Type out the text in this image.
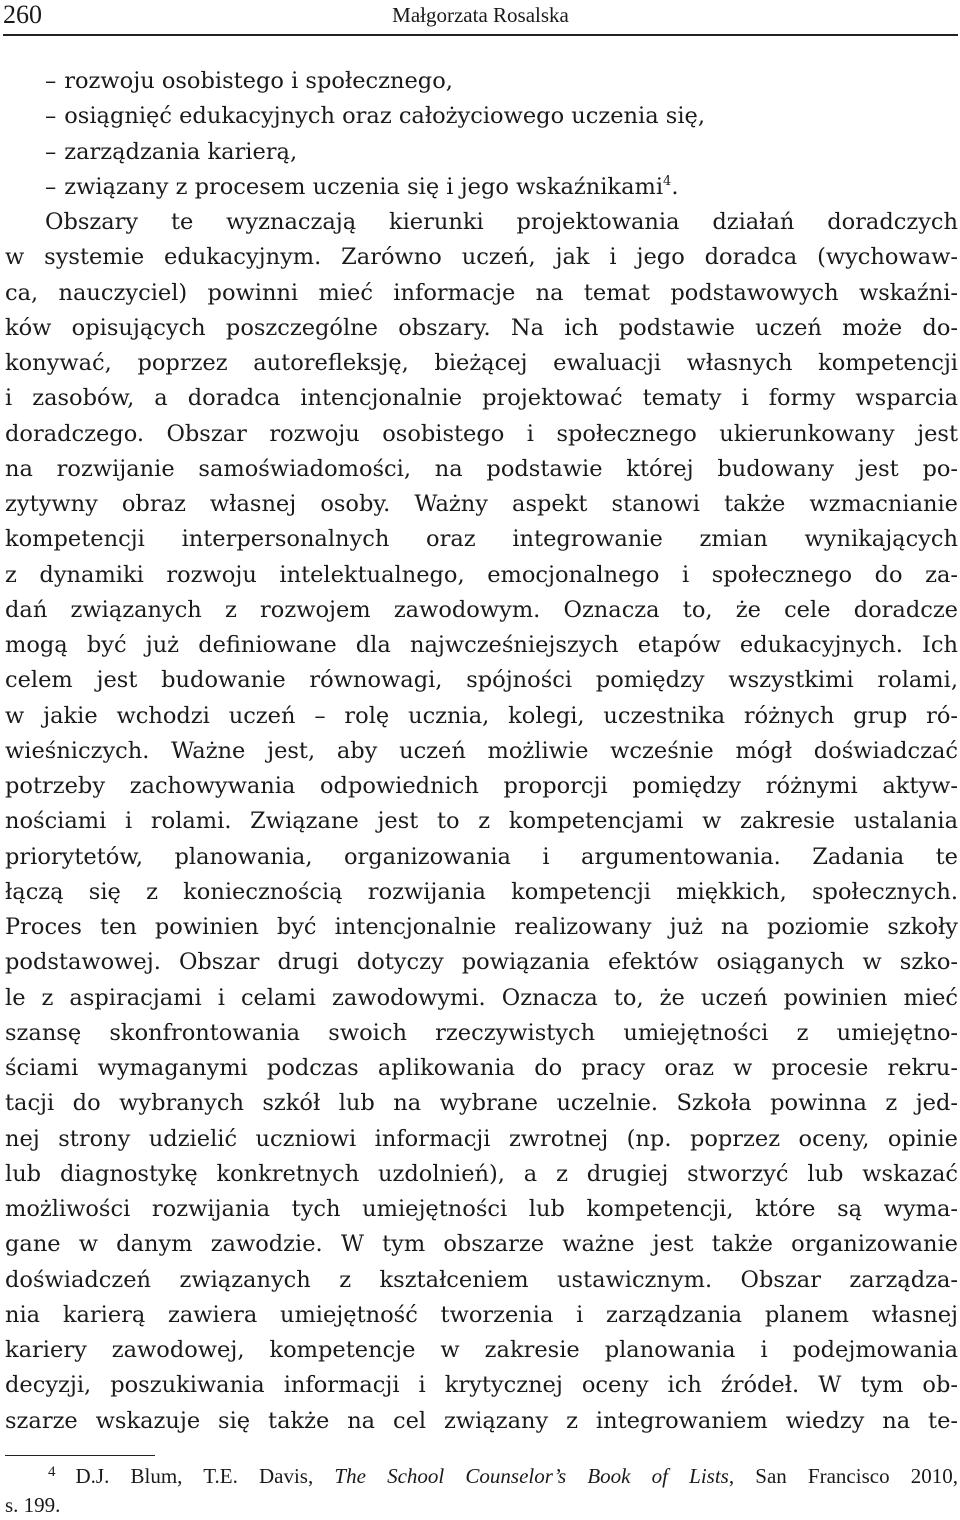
260	Małgorzata Rosalska
– rozwoju osobistego i społecznego,
– osiągnięć edukacyjnych oraz całożyciowego uczenia się,
– zarządzania karierą,
– związany z procesem uczenia się i jego wskaźnikami$^4$.
Obszary te wyznaczają kierunki projektowania działań doradczych
w systemie edukacyjnym. Zarówno uczeń, jak i jego doradca (wychowaw-
ca, nauczyciel) powinni mieć informacje na temat podstawowych wskaźni-
ków opisujących poszczególne obszary. Na ich podstawie uczeń może do-
konywać, poprzez autorefleksję, bieżącej ewaluacji własnych kompetencji
i zasobów, a doradca intencjonalnie projektować tematy i formy wsparcia
doradczego. Obszar rozwoju osobistego i społecznego ukierunkowany jest
na rozwijanie samoświadomości, na podstawie której budowany jest po-
zytywny obraz własnej osoby. Ważny aspekt stanowi także wzmacnianie
kompetencji interpersonalnych oraz integrowanie zmian wynikających
z dynamiki rozwoju intelektualnego, emocjonalnego i społecznego do za-
dań związanych z rozwojem zawodowym. Oznacza to, że cele doradcze
mogą być już definiowane dla najwcześniejszych etapów edukacyjnych. Ich
celem jest budowanie równowagi, spójności pomiędzy wszystkimi rolami,
w jakie wchodzi uczeń – rolę ucznia, kolegi, uczestnika różnych grup ró-
wieśniczych. Ważne jest, aby uczeń możliwie wcześnie mógł doświadczać
potrzeby zachowywania odpowiednich proporcji pomiędzy różnymi aktyw-
nościami i rolami. Związane jest to z kompetencjami w zakresie ustalania
priorytetów, planowania, organizowania i argumentowania. Zadania te
łączą się z koniecznością rozwijania kompetencji miękkich, społecznych.
Proces ten powinien być intencjonalnie realizowany już na poziomie szkoły
podstawowej. Obszar drugi dotyczy powiązania efektów osiąganych w szko-
le z aspiracjami i celami zawodowymi. Oznacza to, że uczeń powinien mieć
szansę skonfrontowania swoich rzeczywistych umiejętności z umiejętno-
ściami wymaganymi podczas aplikowania do pracy oraz w procesie rekru-
tacji do wybranych szkół lub na wybrane uczelnie. Szkoła powinna z jed-
nej strony udzielić uczniowi informacji zwrotnej (np. poprzez oceny, opinie
lub diagnostykę konkretnych uzdolnień), a z drugiej stworzyć lub wskazać
możliwości rozwijania tych umiejętności lub kompetencji, które są wyma-
gane w danym zawodzie. W tym obszarze ważne jest także organizowanie
doświadczeń związanych z kształceniem ustawicznym. Obszar zarządza-
nia karierą zawiera umiejętność tworzenia i zarządzania planem własnej
kariery zawodowej, kompetencje w zakresie planowania i podejmowania
decyzji, poszukiwania informacji i krytycznej oceny ich źródeł. W tym ob-
szarze wskazuje się także na cel związany z integrowaniem wiedzy na te-
$^4$ D.J. Blum, T.E. Davis, The School Counselor’s Book of Lists, San Francisco 2010,
s. 199.
